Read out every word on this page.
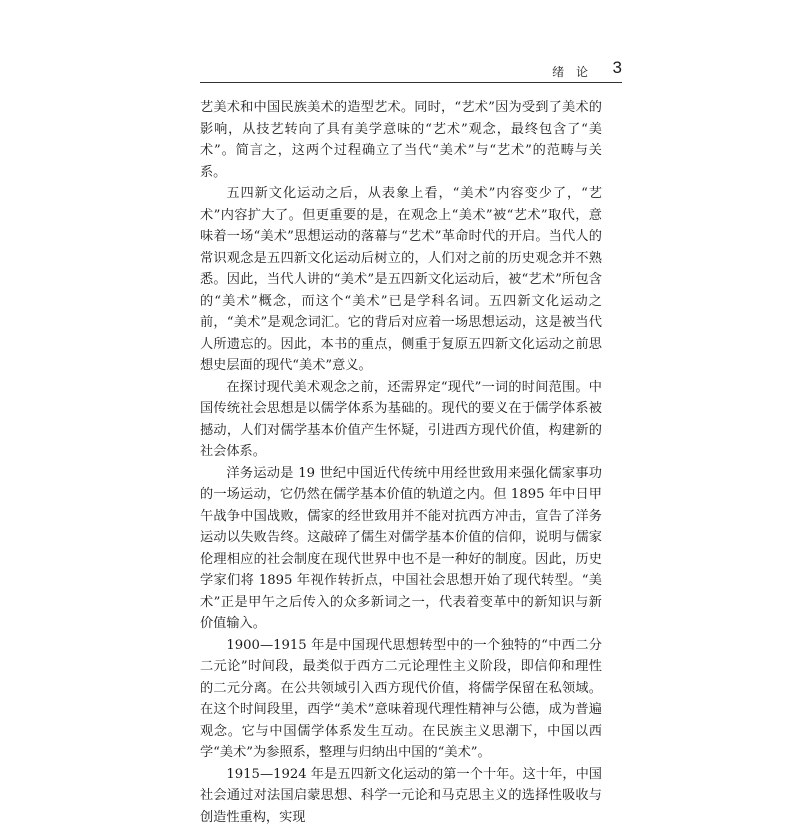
绪 论 3

艺美术和中国民族美术的造型艺术。同时，“艺术”因为受到了美术的影响，从技艺转向了具有美学意味的“艺术”观念，最终包含了“美术”。简言之，这两个过程确立了当代“美术”与“艺术”的范畴与关系。

五四新文化运动之后，从表象上看，“美术”内容变少了，“艺术”内容扩大了。但更重要的是，在观念上“美术”被“艺术”取代，意味着一场“美术”思想运动的落幕与“艺术”革命时代的开启。当代人的常识观念是五四新文化运动后树立的，人们对之前的历史观念并不熟悉。因此，当代人讲的“美术”是五四新文化运动后，被“艺术”所包含的“美术”概念，而这个“美术”已是学科名词。五四新文化运动之前，“美术”是观念词汇。它的背后对应着一场思想运动，这是被当代人所遗忘的。因此，本书的重点，侧重于复原五四新文化运动之前思想史层面的现代“美术”意义。

在探讨现代美术观念之前，还需界定“现代”一词的时间范围。中国传统社会思想是以儒学体系为基础的。现代的要义在于儒学体系被撼动，人们对儒学基本价值产生怀疑，引进西方现代价值，构建新的社会体系。

洋务运动是 19 世纪中国近代传统中用经世致用来强化儒家事功的一场运动，它仍然在儒学基本价值的轨道之内。但 1895 年中日甲午战争中国战败，儒家的经世致用并不能对抗西方冲击，宣告了洋务运动以失败告终。这敲碎了儒生对儒学基本价值的信仰，说明与儒家伦理相应的社会制度在现代世界中也不是一种好的制度。因此，历史学家们将 1895 年视作转折点，中国社会思想开始了现代转型。“美术”正是甲午之后传入的众多新词之一，代表着变革中的新知识与新价值输入。

1900—1915 年是中国现代思想转型中的一个独特的“中西二分二元论”时间段，最类似于西方二元论理性主义阶段，即信仰和理性的二元分离。在公共领域引入西方现代价值，将儒学保留在私领域。在这个时间段里，西学“美术”意味着现代理性精神与公德，成为普遍观念。它与中国儒学体系发生互动。在民族主义思潮下，中国以西学“美术”为参照系，整理与归纳出中国的“美术”。

1915—1924 年是五四新文化运动的第一个十年。这十年，中国社会通过对法国启蒙思想、科学一元论和马克思主义的选择性吸收与创造性重构，实现
